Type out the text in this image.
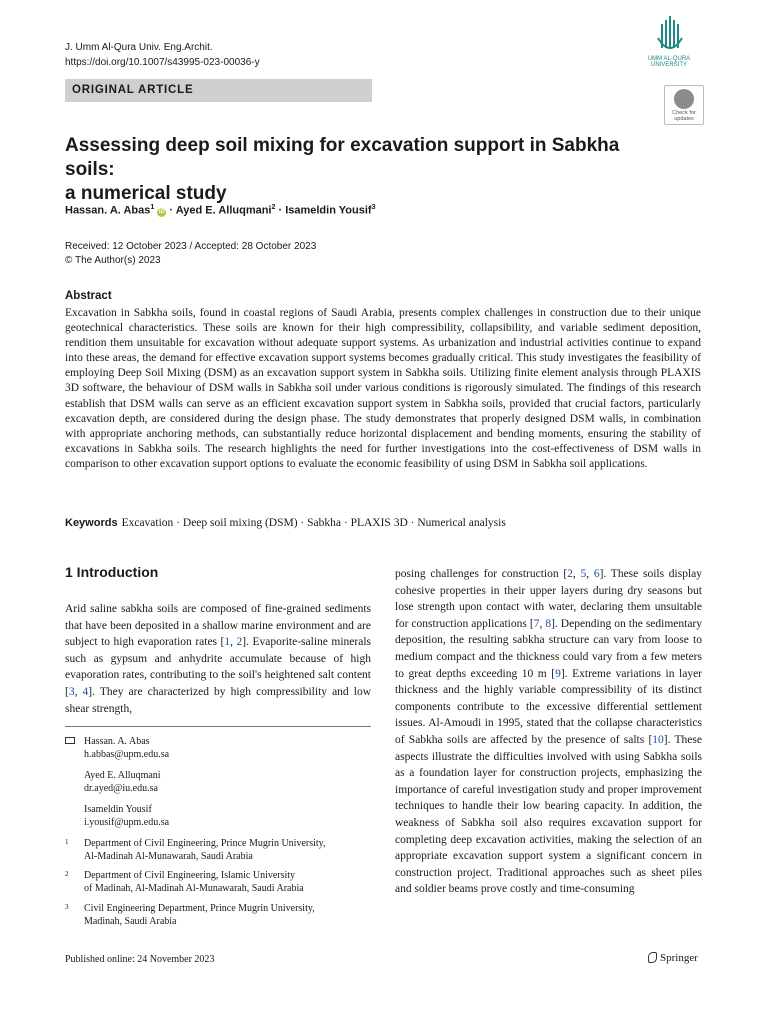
J. Umm Al-Qura Univ. Eng.Archit.
https://doi.org/10.1007/s43995-023-00036-y	UMM AL-QURA UNIVERSITY
ORIGINAL ARTICLE
Check for updates
Assessing deep soil mixing for excavation support in Sabkha soils:
a numerical study
Hassan. A. Abas$^1$ iD · Ayed E. Alluqmani$^2$ · Isameldin Yousif$^3$
Received: 12 October 2023 / Accepted: 28 October 2023
© The Author(s) 2023
Abstract
Excavation in Sabkha soils, found in coastal regions of Saudi Arabia, presents complex challenges in construction due to their unique geotechnical characteristics. These soils are known for their high compressibility, collapsibility, and variable sediment deposition, rendition them unsuitable for excavation without adequate support systems. As urbanization and industrial activities continue to expand into these areas, the demand for effective excavation support systems becomes gradually critical. This study investigates the feasibility of employing Deep Soil Mixing (DSM) as an excavation support system in Sabkha soils. Utilizing finite element analysis through PLAXIS 3D software, the behaviour of DSM walls in Sabkha soil under various conditions is rigorously simulated. The findings of this research establish that DSM walls can serve as an efficient excavation support system in Sabkha soils, provided that crucial factors, particularly excavation depth, are considered during the design phase. The study demonstrates that properly designed DSM walls, in combination with appropriate anchoring methods, can substantially reduce horizontal displacement and bending moments, ensuring the stability of excavations in Sabkha soils. The research highlights the need for further investigations into the cost-effectiveness of DSM walls in comparison to other excavation support options to evaluate the economic feasibility of using DSM in Sabkha soil applications.
Keywords Excavation · Deep soil mixing (DSM) · Sabkha · PLAXIS 3D · Numerical analysis
1 Introduction
Arid saline sabkha soils are composed of fine-grained sediments that have been deposited in a shallow marine environment and are subject to high evaporation rates [1, 2]. Evaporite-saline minerals such as gypsum and anhydrite accumulate because of high evaporation rates, contributing to the soil's heightened salt content [3, 4]. They are characterized by high compressibility and low shear strength,
posing challenges for construction [2, 5, 6]. These soils display cohesive properties in their upper layers during dry seasons but lose strength upon contact with water, declaring them unsuitable for construction applications [7, 8]. Depending on the sedimentary deposition, the resulting sabkha structure can vary from loose to medium compact and the thickness could vary from a few meters to great depths exceeding 10 m [9]. Extreme variations in layer thickness and the highly variable compressibility of its distinct components contribute to the excessive differential settlement issues. Al-Amoudi in 1995, stated that the collapse characteristics of Sabkha soils are affected by the presence of salts [10]. These aspects illustrate the difficulties involved with using Sabkha soils as a foundation layer for construction projects, emphasizing the importance of careful investigation study and proper improvement techniques to handle their low bearing capacity. In addition, the weakness of Sabkha soil also requires excavation support for completing deep excavation activities, making the selection of an appropriate excavation support system a significant concern in construction project. Traditional approaches such as sheet piles and soldier beams prove costly and time-consuming
Hassan. A. Abas
h.abbas@upm.edu.sa
Ayed E. Alluqmani
dr.ayed@iu.edu.sa
Isameldin Yousif
i.yousif@upm.edu.sa
1 Department of Civil Engineering, Prince Mugrin University,
Al-Madinah Al-Munawarah, Saudi Arabia
2 Department of Civil Engineering, Islamic University
of Madinah, Al-Madinah Al-Munawarah, Saudi Arabia
3 Civil Engineering Department, Prince Mugrin University,
Madinah, Saudi Arabia
Published online: 24 November 2023	Springer
